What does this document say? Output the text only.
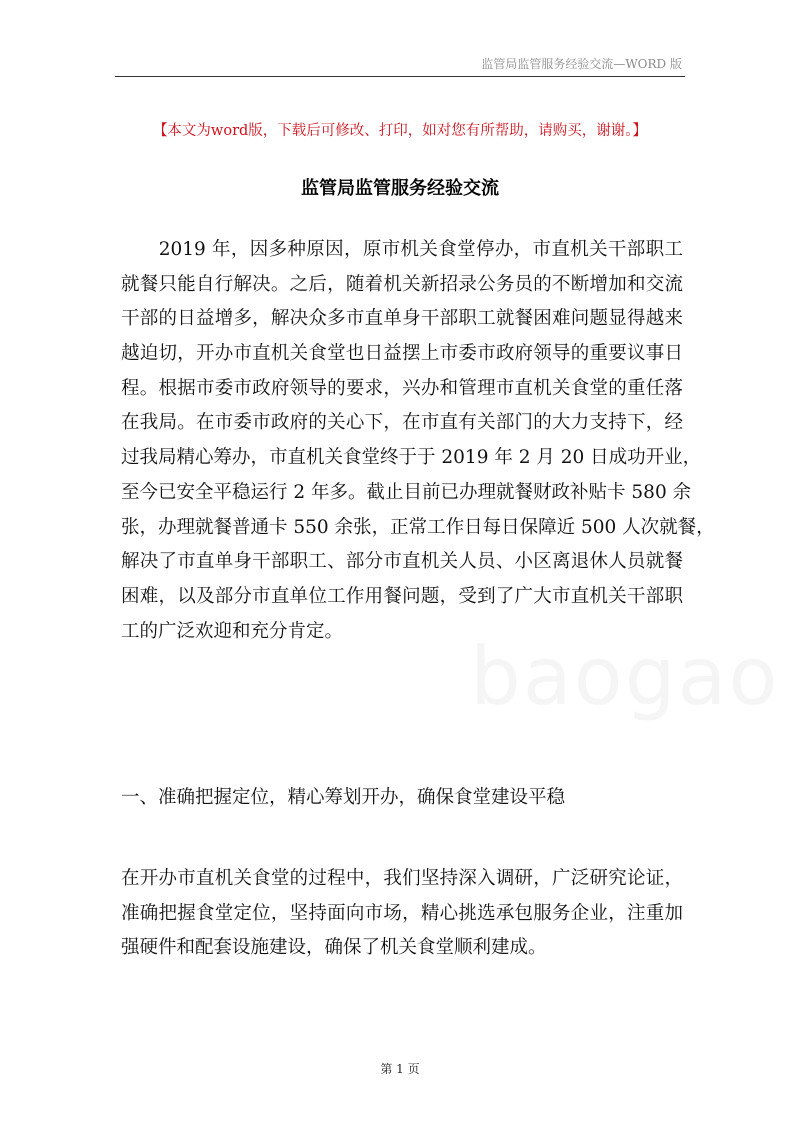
监管局监管服务经验交流—WORD 版
【本文为word版，下载后可修改、打印，如对您有所帮助，请购买，谢谢。】
监管局监管服务经验交流
　　2019 年，因多种原因，原市机关食堂停办，市直机关干部职工
就餐只能自行解决。之后，随着机关新招录公务员的不断增加和交流
干部的日益增多，解决众多市直单身干部职工就餐困难问题显得越来
越迫切，开办市直机关食堂也日益摆上市委市政府领导的重要议事日
程。根据市委市政府领导的要求，兴办和管理市直机关食堂的重任落
在我局。在市委市政府的关心下，在市直有关部门的大力支持下，经
过我局精心筹办，市直机关食堂终于于 2019 年 2 月 20 日成功开业，
至今已安全平稳运行 2 年多。截止目前已办理就餐财政补贴卡 580 余
张，办理就餐普通卡 550 余张，正常工作日每日保障近 500 人次就餐，
解决了市直单身干部职工、部分市直机关人员、小区离退休人员就餐
困难，以及部分市直单位工作用餐问题，受到了广大市直机关干部职
工的广泛欢迎和充分肯定。	baogao
一、准确把握定位，精心筹划开办，确保食堂建设平稳
在开办市直机关食堂的过程中，我们坚持深入调研，广泛研究论证，
准确把握食堂定位，坚持面向市场，精心挑选承包服务企业，注重加
强硬件和配套设施建设，确保了机关食堂顺利建成。
第 1 页
